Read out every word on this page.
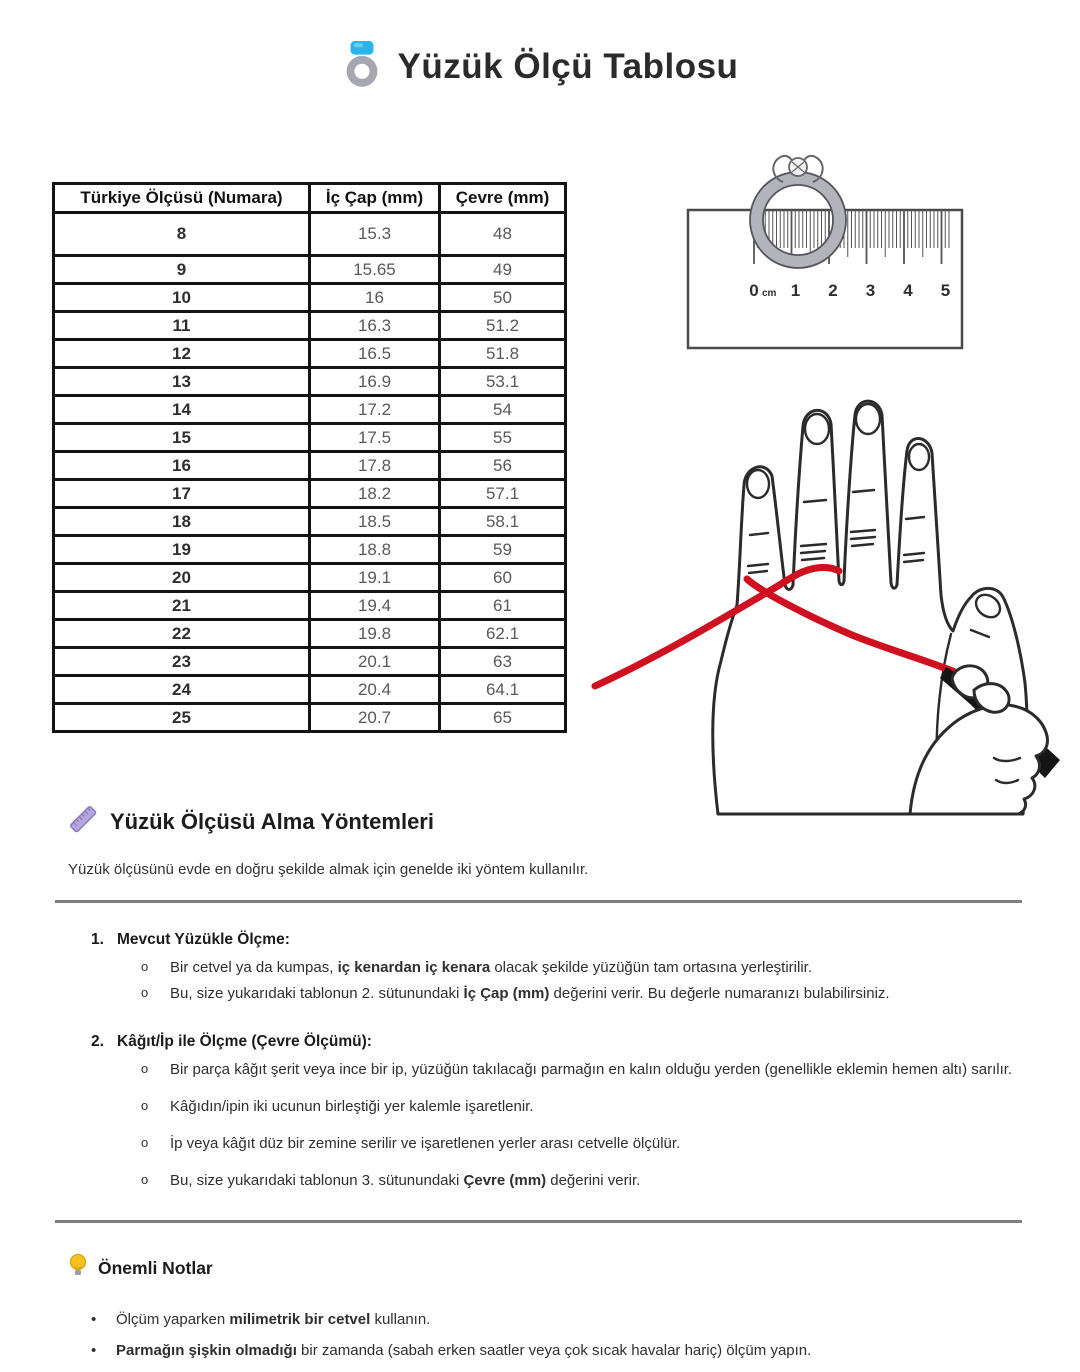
Yüzük Ölçü Tablosu
Türkiye Ölçüsü (Numara)	İç Çap (mm)	Çevre (mm)
8	15.3	48
9	15.65	49
10	16	50
11	16.3	51.2
12	16.5	51.8
13	16.9	53.1
14	17.2	54
15	17.5	55
16	17.8	56
17	18.2	57.1
18	18.5	58.1
19	18.8	59
20	19.1	60
21	19.4	61
22	19.8	62.1
23	20.1	63
24	20.4	64.1
25	20.7	65
0 cm 1 2 3 4 5
Yüzük Ölçüsü Alma Yöntemleri

Yüzük ölçüsünü evde en doğru şekilde almak için genelde iki yöntem kullanılır.

1. Mevcut Yüzükle Ölçme:
o	Bir cetvel ya da kumpas, iç kenardan iç kenara olacak şekilde yüzüğün tam ortasına yerleştirilir.
o	Bu, size yukarıdaki tablonun 2. sütunundaki İç Çap (mm) değerini verir. Bu değerle numaranızı bulabilirsiniz.
2. Kâğıt/İp ile Ölçme (Çevre Ölçümü):
o	Bir parça kâğıt şerit veya ince bir ip, yüzüğün takılacağı parmağın en kalın olduğu yerden (genellikle eklemin hemen altı) sarılır.
o	Kâğıdın/ipin iki ucunun birleştiği yer kalemle işaretlenir.
o	İp veya kâğıt düz bir zemine serilir ve işaretlenen yerler arası cetvelle ölçülür.
o	Bu, size yukarıdaki tablonun 3. sütunundaki Çevre (mm) değerini verir.
Önemli Notlar
•	Ölçüm yaparken milimetrik bir cetvel kullanın.
•	Parmağın şişkin olmadığı bir zamanda (sabah erken saatler veya çok sıcak havalar hariç) ölçüm yapın.
